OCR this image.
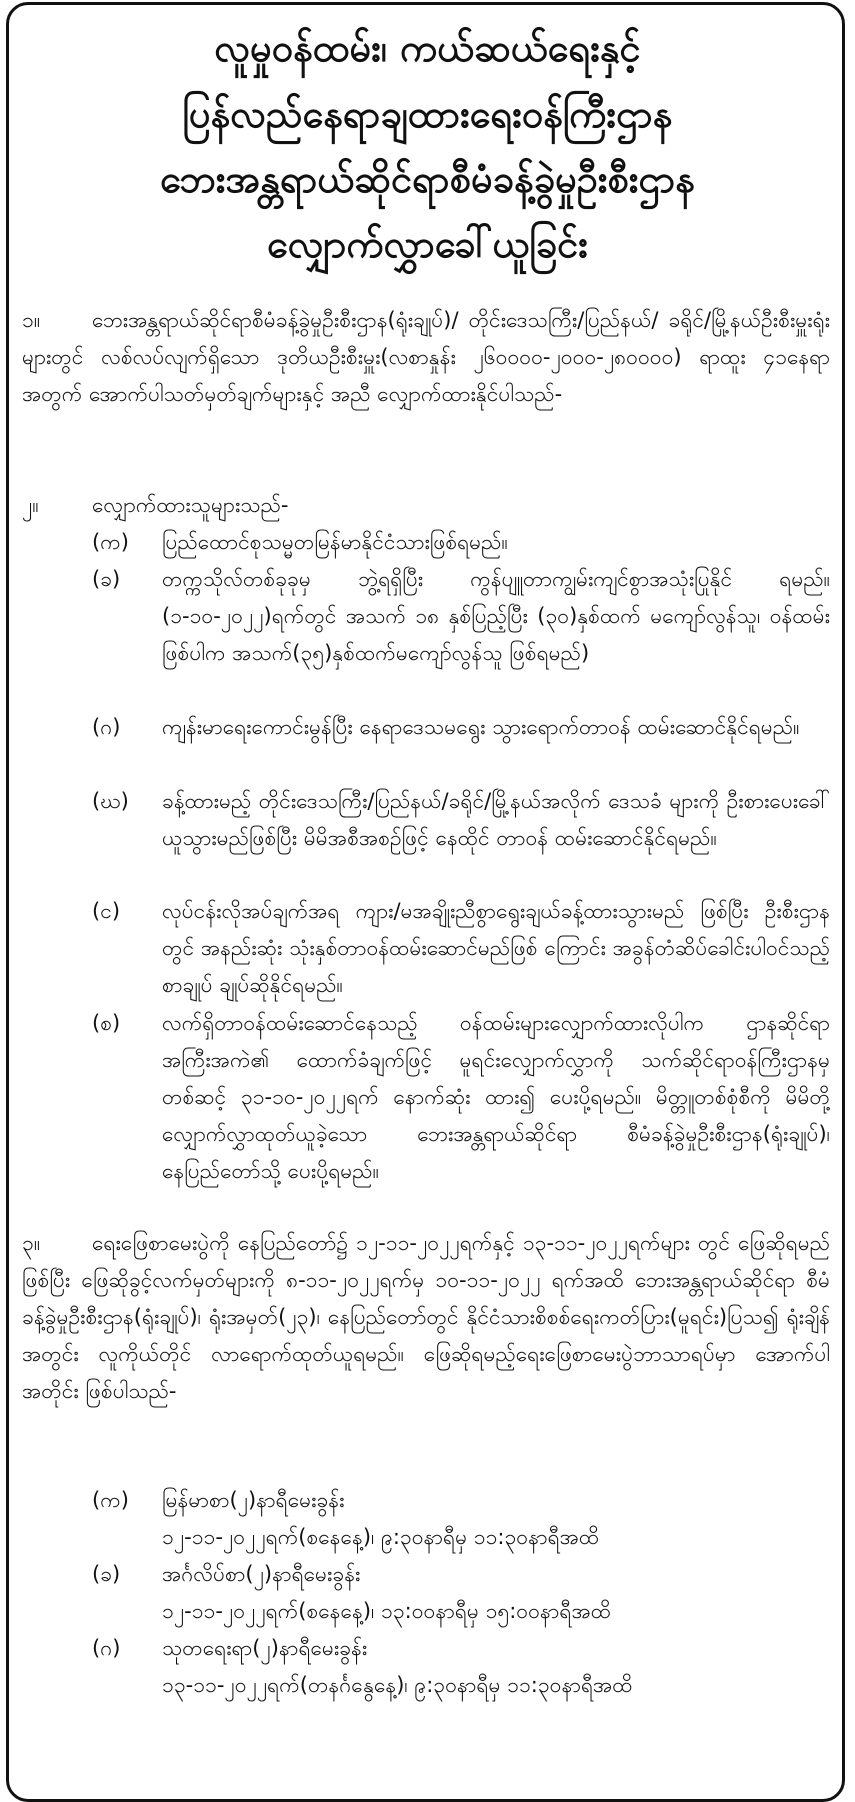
လူမှုဝန်ထမ်း၊ ကယ်ဆယ်ရေးနှင့်
ပြန်လည်နေရာချထားရေးဝန်ကြီးဌာန
ဘေးအန္တရာယ်ဆိုင်ရာစီမံခန့်ခွဲမှုဦးစီးဌာန
လျှောက်လွှာခေါ်ယူခြင်း
၁။ ဘေးအန္တရာယ်ဆိုင်ရာစီမံခန့်ခွဲမှုဦးစီးဌာန(ရုံးချုပ်)/ တိုင်းဒေသကြီး/ပြည်နယ်/ ခရိုင်/မြို့နယ်ဦးစီးမှူးရုံးများတွင် လစ်လပ်လျက်ရှိသော ဒုတိယဦးစီးမှူး(လစာနှုန်း ၂၆၀၀၀၀-၂၀၀၀-၂၈၀၀၀၀) ရာထူး ၄၁နေရာအတွက် အောက်ပါသတ်မှတ်ချက်များနှင့် အညီ လျှောက်ထားနိုင်ပါသည်-
၂။	လျှောက်ထားသူများသည်-
(က) ပြည်ထောင်စုသမ္မတမြန်မာနိုင်ငံသားဖြစ်ရမည်။
(ခ) တက္ကသိုလ်တစ်ခုခုမှ ဘွဲ့ရရှိပြီး ကွန်ပျူတာကျွမ်းကျင်စွာအသုံးပြုနိုင် ရမည်။ (၁-၁၀-၂၀၂၂)ရက်တွင် အသက် ၁၈ နှစ်ပြည့်ပြီး (၃၀)နှစ်ထက် မကျော်လွန်သူ၊ ဝန်ထမ်းဖြစ်ပါက အသက်(၃၅)နှစ်ထက်မကျော်လွန်သူ ဖြစ်ရမည်)
(ဂ) ကျန်းမာရေးကောင်းမွန်ပြီး နေရာဒေသမရွေး သွားရောက်တာဝန် ထမ်းဆောင်နိုင်ရမည်။
(ဃ) ခန့်ထားမည့် တိုင်းဒေသကြီး/ပြည်နယ်/ခရိုင်/မြို့နယ်အလိုက် ဒေသခံ များကို ဦးစားပေးခေါ်ယူသွားမည်ဖြစ်ပြီး မိမိအစီအစဉ်ဖြင့် နေထိုင် တာဝန် ထမ်းဆောင်နိုင်ရမည်။
(င) လုပ်ငန်းလိုအပ်ချက်အရ ကျား/မအချိုးညီစွာရွေးချယ်ခန့်ထားသွားမည် ဖြစ်ပြီး ဦးစီးဌာနတွင် အနည်းဆုံး သုံးနှစ်တာဝန်ထမ်းဆောင်မည်ဖြစ် ကြောင်း အခွန်တံဆိပ်ခေါင်းပါဝင်သည့်စာချုပ် ချုပ်ဆိုနိုင်ရမည်။
(စ) လက်ရှိတာဝန်ထမ်းဆောင်နေသည့် ဝန်ထမ်းများလျှောက်ထားလိုပါက ဌာနဆိုင်ရာအကြီးအကဲ၏ ထောက်ခံချက်ဖြင့် မူရင်းလျှောက်လွှာကို သက်ဆိုင်ရာဝန်ကြီးဌာနမှတစ်ဆင့် ၃၁-၁၀-၂၀၂၂ရက် နောက်ဆုံး ထား၍ ပေးပို့ရမည်။ မိတ္တူတစ်စုံစီကို မိမိတို့လျှောက်လွှာထုတ်ယူခဲ့သော ဘေးအန္တရာယ်ဆိုင်ရာ စီမံခန့်ခွဲမှုဦးစီးဌာန(ရုံးချုပ်)၊ နေပြည်တော်သို့ ပေးပို့ရမည်။
၃။ ရေးဖြေစာမေးပွဲကို နေပြည်တော်၌ ၁၂-၁၁-၂၀၂၂ရက်နှင့် ၁၃-၁၁-၂၀၂၂ရက်များ တွင် ဖြေဆိုရမည်ဖြစ်ပြီး ဖြေဆိုခွင့်လက်မှတ်များကို ၈-၁၁-၂၀၂၂ရက်မှ ၁၀-၁၁-၂၀၂၂ ရက်အထိ ဘေးအန္တရာယ်ဆိုင်ရာ စီမံခန့်ခွဲမှုဦးစီးဌာန(ရုံးချုပ်)၊ ရုံးအမှတ်(၂၃)၊ နေပြည်တော်တွင် နိုင်ငံသားစိစစ်ရေးကတ်ပြား(မူရင်း)ပြသ၍ ရုံးချိန်အတွင်း လူကိုယ်တိုင် လာရောက်ထုတ်ယူရမည်။ ဖြေဆိုရမည့်ရေးဖြေစာမေးပွဲဘာသာရပ်မှာ အောက်ပါအတိုင်း ဖြစ်ပါသည်-
(က) မြန်မာစာ(၂)နာရီမေးခွန်း
၁၂-၁၁-၂၀၂၂ရက်(စနေနေ့)၊ ၉:၃၀နာရီမှ ၁၁:၃၀နာရီအထိ
(ခ) အင်္ဂလိပ်စာ(၂)နာရီမေးခွန်း
၁၂-၁၁-၂၀၂၂ရက်(စနေနေ့)၊ ၁၃:၀၀နာရီမှ ၁၅:၀၀နာရီအထိ
(ဂ) သုတရေးရာ(၂)နာရီမေးခွန်း
၁၃-၁၁-၂၀၂၂ရက်(တနင်္ဂနွေနေ့)၊ ၉:၃၀နာရီမှ ၁၁:၃၀နာရီအထိ
